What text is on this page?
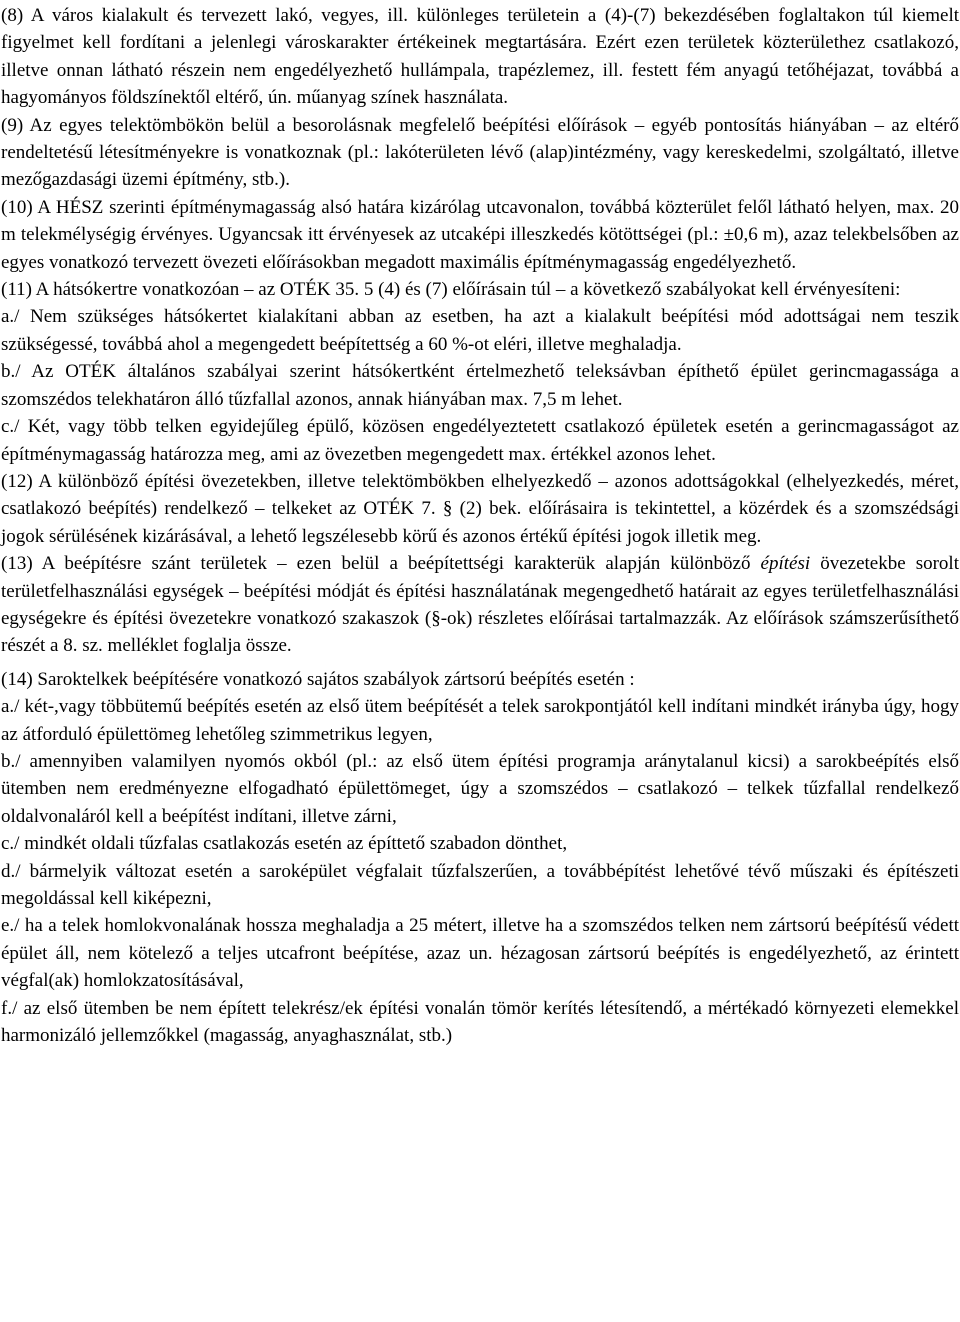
(8) A város kialakult és tervezett lakó, vegyes, ill. különleges területein a (4)-(7) bekezdésében foglaltakon túl kiemelt figyelmet kell fordítani a jelenlegi városkarakter értékeinek megtartására. Ezért ezen területek közterülethez csatlakozó, illetve onnan látható részein nem engedélyezhető hullámpala, trapézlemez, ill. festett fém anyagú tetőhéjazat, továbbá a hagyományos földszínektől eltérő, ún. műanyag színek használata.

(9) Az egyes telektömbökön belül a besorolásnak megfelelő beépítési előírások – egyéb pontosítás hiányában – az eltérő rendeltetésű létesítményekre is vonatkoznak (pl.: lakóterületen lévő (alap)intézmény, vagy kereskedelmi, szolgáltató, illetve mezőgazdasági üzemi építmény, stb.).

(10) A HÉSZ szerinti építménymagasság alsó határa kizárólag utcavonalon, továbbá közterület felől látható helyen, max. 20 m telekmélységig érvényes. Ugyancsak itt érvényesek az utcaképi illeszkedés kötöttségei (pl.: ±0,6 m), azaz telekbelsőben az egyes vonatkozó tervezett övezeti előírásokban megadott maximális építménymagasság engedélyezhető.

(11) A hátsókertre vonatkozóan – az OTÉK 35. 5 (4) és (7) előírásain túl – a következő szabályokat kell érvényesíteni:

a./ Nem szükséges hátsókertet kialakítani abban az esetben, ha azt a kialakult beépítési mód adottságai nem teszik szükségessé, továbbá ahol a megengedett beépítettség a 60 %-ot eléri, illetve meghaladja.

b./ Az OTÉK általános szabályai szerint hátsókertként értelmezhető teleksávban építhető épület gerincmagassága a szomszédos telekhatáron álló tűzfallal azonos, annak hiányában max. 7,5 m lehet.

c./ Két, vagy több telken egyidejűleg épülő, közösen engedélyeztetett csatlakozó épületek esetén a gerincmagasságot az építménymagasság határozza meg, ami az övezetben megengedett max. értékkel azonos lehet.

(12) A különböző építési övezetekben, illetve telektömbökben elhelyezkedő – azonos adottságokkal (elhelyezkedés, méret, csatlakozó beépítés) rendelkező – telkeket az OTÉK 7. § (2) bek. előírásaira is tekintettel, a közérdek és a szomszédsági jogok sérülésének kizárásával, a lehető legszélesebb körű és azonos értékű építési jogok illetik meg.

(13) A beépítésre szánt területek – ezen belül a beépítettségi karakterük alapján különböző építési övezetekbe sorolt területfelhasználási egységek – beépítési módját és építési használatának megengedhető határait az egyes területfelhasználási egységekre és építési övezetekre vonatkozó szakaszok (§-ok) részletes előírásai tartalmazzák. Az előírások számszerűsíthető részét a 8. sz. melléklet foglalja össze.

(14) Saroktelkek beépítésére vonatkozó sajátos szabályok zártsorú beépítés esetén :

a./ két-,vagy többütemű beépítés esetén az első ütem beépítését a telek sarokpontjától kell indítani mindkét irányba úgy, hogy az átforduló épülettömeg lehetőleg szimmetrikus legyen,

b./ amennyiben valamilyen nyomós okból (pl.: az első ütem építési programja aránytalanul kicsi) a sarokbeépítés első ütemben nem eredményezne elfogadható épülettömeget, úgy a szomszédos – csatlakozó – telkek tűzfallal rendelkező oldalvonaláról kell a beépítést indítani, illetve zárni,

c./ mindkét oldali tűzfalas csatlakozás esetén az építtető szabadon dönthet,

d./ bármelyik változat esetén a saroképület végfalait tűzfalszerűen, a továbbépítést lehetővé tévő műszaki és építészeti megoldással kell kiképezni,

e./ ha a telek homlokvonalának hossza meghaladja a 25 métert, illetve ha a szomszédos telken nem zártsorú beépítésű védett épület áll, nem kötelező a teljes utcafront beépítése, azaz un. hézagosan zártsorú beépítés is engedélyezhető, az érintett végfal(ak) homlokzatosításával,

f./ az első ütemben be nem épített telekrész/ek építési vonalán tömör kerítés létesítendő, a mértékadó környezeti elemekkel harmonizáló jellemzőkkel (magasság, anyaghasználat, stb.)
